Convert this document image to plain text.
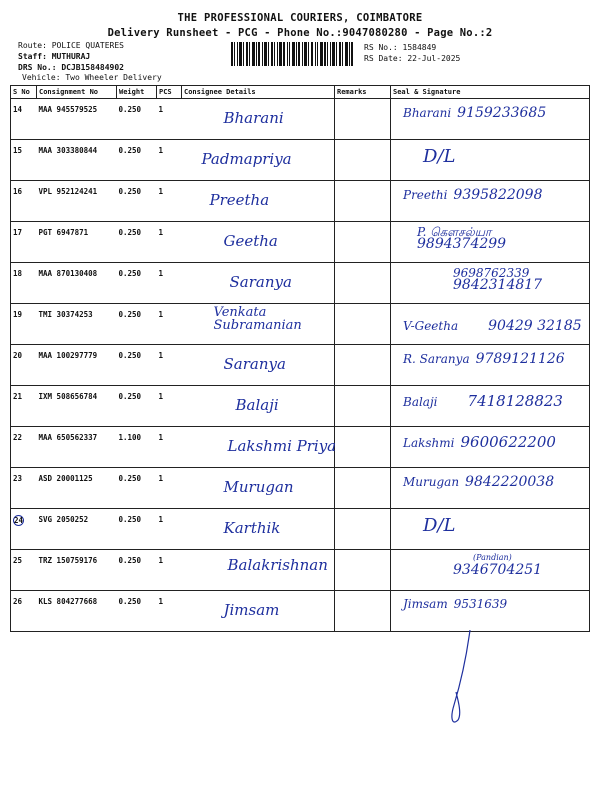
THE PROFESSIONAL COURIERS, COIMBATORE
Delivery Runsheet - PCG - Phone No.:9047080280 - Page No.:2
Route: POLICE QUATERES
Staff: MUTHURAJ
DRS No.: DCJB158484902
Vehicle: Two Wheeler Delivery
RS No.: 1584849
RS Date: 22-Jul-2025
S No	Consignment No	Weight	PCS	Consignee Details	Remarks	Seal & Signature

14	MAA 945579525	0.250	1	Bharani		Bharani 9159233685

15	MAA 303380844	0.250	1	Padmapriya		D/L

16	VPL 952124241	0.250	1	Preetha		Preethi 9395822098

17	PGT 6947871	0.250	1	Geetha		P. கௌசல்யா
9894374299

18	MAA 870130408	0.250	1	Saranya		9698762339
9842314817

19	TMI 30374253	0.250	1	Venkata Subramanian		V-Geetha 90429 32185

20	MAA 100297779	0.250	1	Saranya		R. Saranya 9789121126

21	IXM 508656784	0.250	1	Balaji		Balaji 7418128823

22	MAA 650562337	1.100	1	Lakshmi Priya		Lakshmi 9600622200

23	ASD 20001125	0.250	1	Murugan		Murugan 9842220038

24	SVG 2050252	0.250	1	Karthik		D/L

25	TRZ 150759176	0.250	1	Balakrishnan		(Pandian)
9346704251

26	KLS 804277668	0.250	1	Jimsam		Jimsam 9531639
